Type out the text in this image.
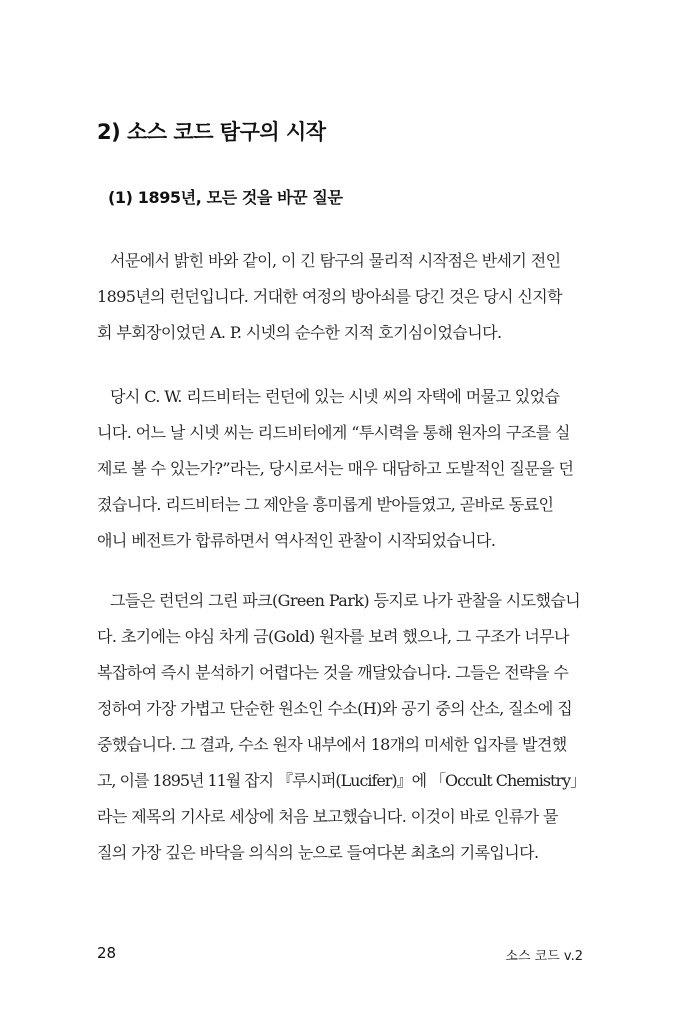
2) 소스 코드 탐구의 시작
(1) 1895년, 모든 것을 바꾼 질문
서문에서 밝힌 바와 같이, 이 긴 탐구의 물리적 시작점은 반세기 전인
1895년의 런던입니다. 거대한 여정의 방아쇠를 당긴 것은 당시 신지학
회 부회장이었던 A. P. 시넷의 순수한 지적 호기심이었습니다.
당시 C. W. 리드비터는 런던에 있는 시넷 씨의 자택에 머물고 있었습
니다. 어느 날 시넷 씨는 리드비터에게 “투시력을 통해 원자의 구조를 실
제로 볼 수 있는가?”라는, 당시로서는 매우 대담하고 도발적인 질문을 던
졌습니다. 리드비터는 그 제안을 흥미롭게 받아들였고, 곧바로 동료인
애니 베전트가 합류하면서 역사적인 관찰이 시작되었습니다.
그들은 런던의 그린 파크(Green Park) 등지로 나가 관찰을 시도했습니
다. 초기에는 야심 차게 금(Gold) 원자를 보려 했으나, 그 구조가 너무나
복잡하여 즉시 분석하기 어렵다는 것을 깨달았습니다. 그들은 전략을 수
정하여 가장 가볍고 단순한 원소인 수소(H)와 공기 중의 산소, 질소에 집
중했습니다. 그 결과, 수소 원자 내부에서 18개의 미세한 입자를 발견했
고, 이를 1895년 11월 잡지 『루시퍼(Lucifer)』에 「Occult Chemistry」
라는 제목의 기사로 세상에 처음 보고했습니다. 이것이 바로 인류가 물
질의 가장 깊은 바닥을 의식의 눈으로 들여다본 최초의 기록입니다.
28	소스 코드 v.2
